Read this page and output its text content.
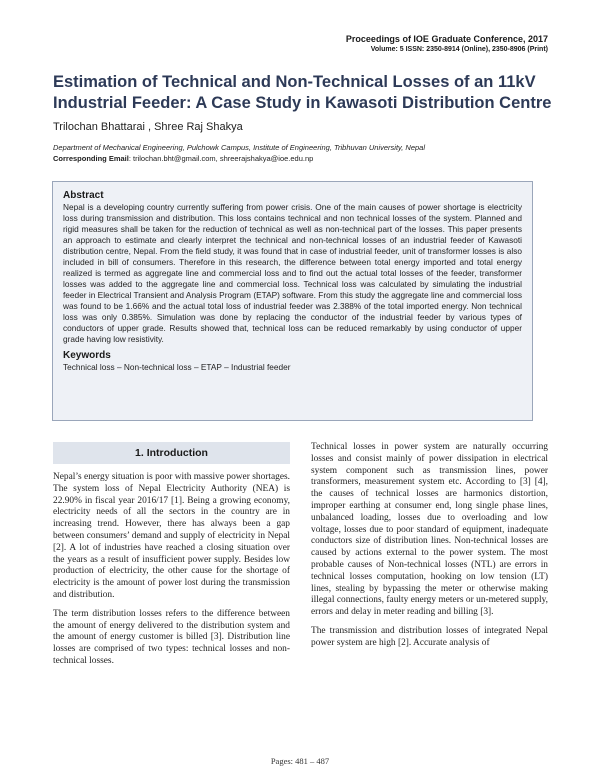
Proceedings of IOE Graduate Conference, 2017
Volume: 5 ISSN: 2350-8914 (Online), 2350-8906 (Print)
Estimation of Technical and Non-Technical Losses of an 11kV Industrial Feeder: A Case Study in Kawasoti Distribution Centre
Trilochan Bhattarai , Shree Raj Shakya
Department of Mechanical Engineering, Pulchowk Campus, Institute of Engineering, Tribhuvan University, Nepal
Corresponding Email: trilochan.bht@gmail.com, shreerajshakya@ioe.edu.np

Abstract

Nepal is a developing country currently suffering from power crisis. One of the main causes of power shortage is electricity loss during transmission and distribution. This loss contains technical and non technical losses of the system. Planned and rigid measures shall be taken for the reduction of technical as well as non-technical part of the losses. This paper presents an approach to estimate and clearly interpret the technical and non-technical losses of an industrial feeder of Kawasoti distribution centre, Nepal. From the field study, it was found that in case of industrial feeder, unit of transformer losses is also included in bill of consumers. Therefore in this research, the difference between total energy imported and total energy realized is termed as aggregate line and commercial loss and to find out the actual total losses of the feeder, transformer losses was added to the aggregate line and commercial loss. Technical loss was calculated by simulating the industrial feeder in Electrical Transient and Analysis Program (ETAP) software. From this study the aggregate line and commercial loss was found to be 1.66% and the actual total loss of industrial feeder was 2.388% of the total imported energy. Non technical loss was only 0.385%. Simulation was done by replacing the conductor of the industrial feeder by various types of conductors of upper grade. Results showed that, technical loss can be reduced remarkably by using conductor of upper grade having low resistivity.

Keywords

Technical loss – Non-technical loss – ETAP – Industrial feeder

1. Introduction

Nepal’s energy situation is poor with massive power shortages. The system loss of Nepal Electricity Authority (NEA) is 22.90% in fiscal year 2016/17 [1]. Being a growing economy, electricity needs of all the sectors in the country are in increasing trend. However, there has always been a gap between consumers’ demand and supply of electricity in Nepal [2]. A lot of industries have reached a closing situation over the years as a result of insufficient power supply. Besides low production of electricity, the other cause for the shortage of electricity is the amount of power lost during the transmission and distribution.

The term distribution losses refers to the difference between the amount of energy delivered to the distribution system and the amount of energy customer is billed [3]. Distribution line losses are comprised of two types: technical losses and non-technical losses.

Technical losses in power system are naturally occurring losses and consist mainly of power dissipation in electrical system component such as transmission lines, power transformers, measurement system etc. According to [3] [4], the causes of technical losses are harmonics distortion, improper earthing at consumer end, long single phase lines, unbalanced loading, losses due to overloading and low voltage, losses due to poor standard of equipment, inadequate conductors size of distribution lines. Non-technical losses are caused by actions external to the power system. The most probable causes of Non-technical losses (NTL) are errors in technical losses computation, hooking on low tension (LT) lines, stealing by bypassing the meter or otherwise making illegal connections, faulty energy meters or un-metered supply, errors and delay in meter reading and billing [3].

The transmission and distribution losses of integrated Nepal power system are high [2]. Accurate analysis of

Pages: 481 – 487
